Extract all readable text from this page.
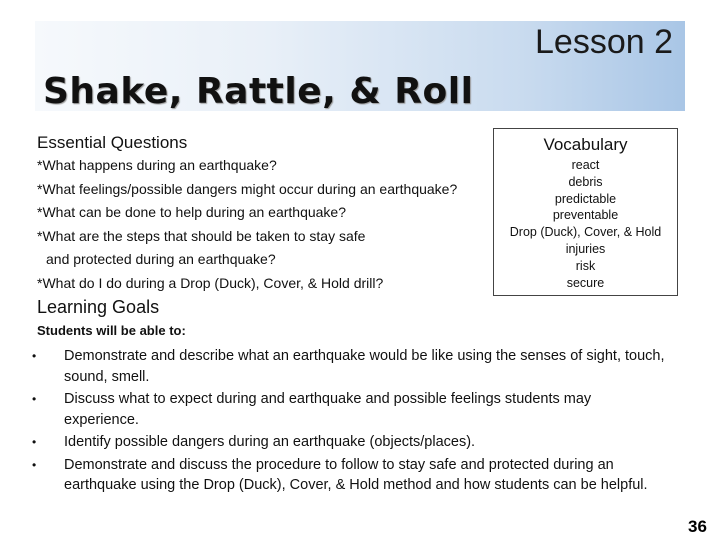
Lesson 2
Shake, Rattle, & Roll
Essential Questions
*What happens during an earthquake?
*What feelings/possible dangers might occur during an earthquake?
*What can be done to help during an earthquake?
*What are the steps that should be taken to stay safe
and protected during an earthquake?
*What do I do during a Drop (Duck), Cover, & Hold drill?
Vocabulary
react
debris
predictable
preventable
Drop (Duck), Cover, & Hold
injuries
risk
secure
Learning Goals
Students will be able to:
• Demonstrate and describe what an earthquake would be like using the senses of sight, touch, sound, smell.
• Discuss what to expect during and earthquake and possible feelings students may experience.
• Identify possible dangers during an earthquake (objects/places).
• Demonstrate and discuss the procedure to follow to stay safe and protected during an earthquake using the Drop (Duck), Cover, & Hold method and how students can be helpful.
36
